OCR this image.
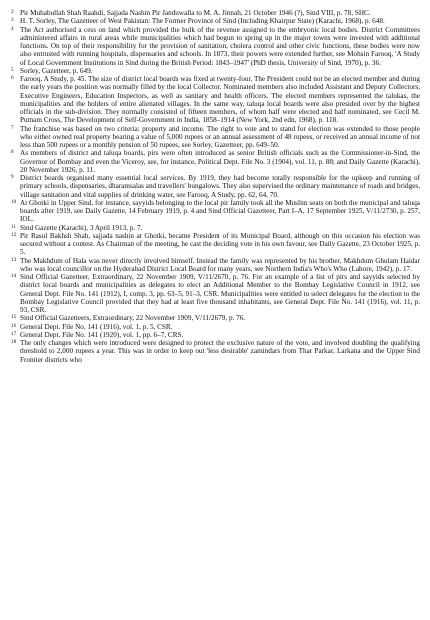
2 Pir Muhabullah Shah Raahdi, Sajjada Nashin Pir Janduwalla to M. A. Jinnah, 21 October 1946 (?), Sind VIII, p. 78, SHC.
3 H. T. Sorley, The Gazetteer of West Pakistan: The Former Province of Sind (Including Khairpur State) (Karachi, 1968), p. 648.
4 The Act authorised a cess on land which provided the bulk of the revenue assigned to the embryonic local bodies. District Committees administered affairs in rural areas while municipalities which had begun to spring up in the major towns were invested with additional functions. On top of their responsibility for the provision of sanitation, cholera control and other civic functions, these bodies were now also entrusted with running hospitals, dispensaries and schools. In 1873, their powers were extended further, see Mohsin Farooq, 'A Study of Local Government Institutions in Sind during the British Period: 1843–1947' (PhD thesis, University of Sind, 1970), p. 36.
5 Sorley, Gazetteer, p. 649.
6 Farooq, A Study, p. 45. The size of district local boards was fixed at twenty-four. The President could not be an elected member and during the early years the position was normally filled by the local Collector. Nominated members also included Assistant and Deputy Collectors, Executive Engineers, Education Inspectors, as well as sanitary and health officers. The elected members represented the talukas, the municipalities and the holders of entire alienated villages. In the same way, taluqa local boards were also presided over by the highest officials in the sub-division. They normally consisted of fifteen members, of whom half were elected and half nominated, see Cecil M. Putnam Cross, The Development of Self-Government in India, 1858–1914 (New York, 2nd edn, 1968), p. 118.
7 The franchise was based on two criteria: property and income. The right to vote and to stand for election was extended to those people who either owned real property bearing a value of 5,000 rupees or an annual assessment of 48 rupees, or received an annual income of not less than 500 rupees or a monthly pension of 50 rupees, see Sorley, Gazetteer, pp. 649–50.
8 As members of district and taluqa boards, pirs were often introduced as senior British officials such as the Commissioner-in-Sind, the Governor of Bombay and even the Viceroy, see, for instance, Political Dept. File No. 3 (1904), vol. 11, p. 88; and Daily Gazette (Karachi), 20 November 1926, p. 11.
9 District boards organised many essential local services. By 1919, they had become totally responsible for the upkeep and running of primary schools, dispensaries, dharamsalas and travellers' bungalows. They also supervised the ordinary maintenance of roads and bridges, village sanitation and vital supplies of drinking water, see Farooq, A Study, pp. 62, 64, 70.
10 At Ghotki in Upper Sind, for instance, sayyids belonging to the local pir family took all the Muslim seats on both the municipal and taluqa boards after 1919, see Daily Gazette, 14 February 1919, p. 4 and Sind Official Gazetteer, Part I–A, 17 September 1925, V/11/2730, p. 257, IOL.
11 Sind Gazette (Karachi), 3 April 1913, p. 7.
12 Pir Rasul Bakhsh Shah, sajjada nashin at Ghotki, became President of its Municipal Board, although on this occasion his election was secured without a contest. As Chairman of the meeting, he cast the deciding vote in his own favour, see Daily Gazette, 23 October 1925, p. 5.
13 The Makhdum of Hala was never directly involved himself. Instead the family was represented by his brother, Makhdum Ghulam Haidar who was local councillor on the Hyderabad District Local Board for many years, see Northern India's Who's Who (Lahore, 1942), p. 17.
14 Sind Official Gazetteer, Extraordinary, 22 November 1909, V/11/2670, p. 76. For an example of a list of pirs and sayyids selected by district local boards and municipalities as delegates to elect an Additional Member to the Bombay Legislative Council in 1912, see General Dept. File No. 141 (1912), I, comp. 3, pp. 63–5, 91–3, CSR. Municipalities were entitled to select delegates for the election to the Bombay Legislative Council provided that they had at least five thousand inhabitants, see General Dept. File No. 141 (1916), vol. 11, p. 93, CSR.
15 Sind Official Gazetteers, Extraordinary, 22 November 1909, V/11/2679, p. 76.
16 General Dept. File No. 141 (1916), vol. 1, p. 5, CSR.
17 General Dept. File No. 141 (1920), vol. 1, pp. 6–7, CRS.
18 The only changes which were introduced were designed to protect the exclusive nature of the vote, and involved doubling the qualifying threshold to 2,000 rupees a year. This was in order to keep out 'less desirable' zamindars from Thar Parkar, Larkana and the Upper Sind Frontier districts who
